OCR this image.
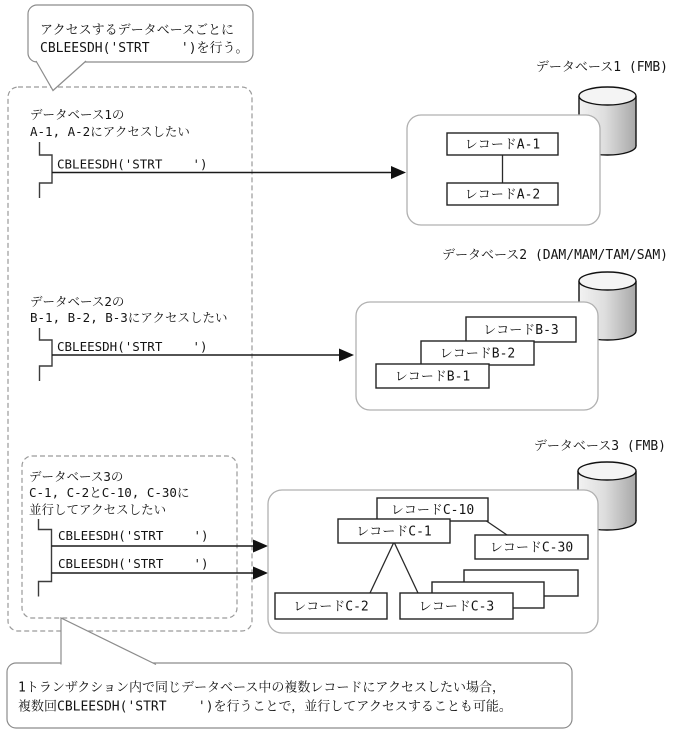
アクセスするデータベースごとに
CBLEESDH('STRT    ')を行う。
データベース1の
A-1, A-2にアクセスしたい
CBLEESDH('STRT    ')
データベース2の
B-1, B-2, B-3にアクセスしたい
CBLEESDH('STRT    ')
データベース3の
C-1, C-2とC-10, C-30に
並行してアクセスしたい
CBLEESDH('STRT    ')
CBLEESDH('STRT    ')
データベース1 (FMB)
レコードA-1
レコードA-2
データベース2 (DAM/MAM/TAM/SAM)
レコードB-3
レコードB-2
レコードB-1
データベース3 (FMB)
レコードC-3
レコードC-2
レコードC-10
レコードC-1
レコードC-30
1トランザクション内で同じデータベース中の複数レコードにアクセスしたい場合，
複数回CBLEESDH('STRT    ')を行うことで，並行してアクセスすることも可能。
